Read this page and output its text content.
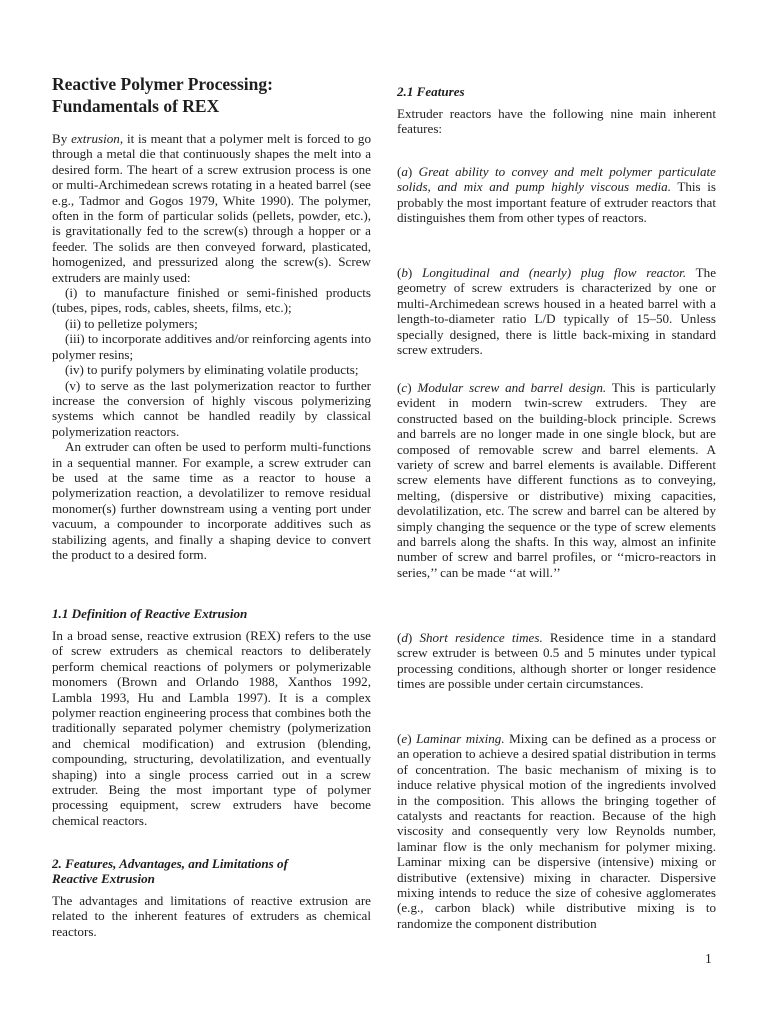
Reactive Polymer Processing:
Fundamentals of REX

By extrusion, it is meant that a polymer melt is forced to go through a metal die that continuously shapes the melt into a desired form. The heart of a screw extrusion process is one or multi-Archimedean screws rotating in a heated barrel (see e.g., Tadmor and Gogos 1979, White 1990). The polymer, often in the form of particular solids (pellets, powder, etc.), is gravitationally fed to the screw(s) through a hopper or a feeder. The solids are then conveyed forward, plasticated, homogenized, and pressurized along the screw(s). Screw extruders are mainly used:

(i) to manufacture finished or semi-finished products (tubes, pipes, rods, cables, sheets, films, etc.);

(ii) to pelletize polymers;

(iii) to incorporate additives and/or reinforcing agents into polymer resins;

(iv) to purify polymers by eliminating volatile products;

(v) to serve as the last polymerization reactor to further increase the conversion of highly viscous polymerizing systems which cannot be handled readily by classical polymerization reactors.

An extruder can often be used to perform multi-functions in a sequential manner. For example, a screw extruder can be used at the same time as a reactor to house a polymerization reaction, a devolatilizer to remove residual monomer(s) further downstream using a venting port under vacuum, a compounder to incorporate additives such as stabilizing agents, and finally a shaping device to convert the product to a desired form.

1.1 Definition of Reactive Extrusion

In a broad sense, reactive extrusion (REX) refers to the use of screw extruders as chemical reactors to deliberately perform chemical reactions of polymers or polymerizable monomers (Brown and Orlando 1988, Xanthos 1992, Lambla 1993, Hu and Lambla 1997). It is a complex polymer reaction engineering process that combines both the traditionally separated polymer chemistry (polymerization and chemical modification) and extrusion (blending, compounding, structuring, devolatilization, and eventually shaping) into a single process carried out in a screw extruder. Being the most important type of polymer processing equipment, screw extruders have become chemical reactors.

2. Features, Advantages, and Limitations of
Reactive Extrusion

The advantages and limitations of reactive extrusion are related to the inherent features of extruders as chemical reactors.

2.1 Features

Extruder reactors have the following nine main inherent features:

(a) Great ability to convey and melt polymer particulate solids, and mix and pump highly viscous media. This is probably the most important feature of extruder reactors that distinguishes them from other types of reactors.

(b) Longitudinal and (nearly) plug flow reactor. The geometry of screw extruders is characterized by one or multi-Archimedean screws housed in a heated barrel with a length-to-diameter ratio L/D typically of 15–50. Unless specially designed, there is little back-mixing in standard screw extruders.

(c) Modular screw and barrel design. This is particularly evident in modern twin-screw extruders. They are constructed based on the building-block principle. Screws and barrels are no longer made in one single block, but are composed of removable screw and barrel elements. A variety of screw and barrel elements is available. Different screw elements have different functions as to conveying, melting, (dispersive or distributive) mixing capacities, devolatilization, etc. The screw and barrel can be altered by simply changing the sequence or the type of screw elements and barrels along the shafts. In this way, almost an infinite number of screw and barrel profiles, or ‘‘micro-reactors in series,’’ can be made ‘‘at will.’’

(d) Short residence times. Residence time in a standard screw extruder is between 0.5 and 5 minutes under typical processing conditions, although shorter or longer residence times are possible under certain circumstances.

(e) Laminar mixing. Mixing can be defined as a process or an operation to achieve a desired spatial distribution in terms of concentration. The basic mechanism of mixing is to induce relative physical motion of the ingredients involved in the composition. This allows the bringing together of catalysts and reactants for reaction. Because of the high viscosity and consequently very low Reynolds number, laminar flow is the only mechanism for polymer mixing. Laminar mixing can be dispersive (intensive) mixing or distributive (extensive) mixing in character. Dispersive mixing intends to reduce the size of cohesive agglomerates (e.g., carbon black) while distributive mixing is to randomize the component distribution

1
